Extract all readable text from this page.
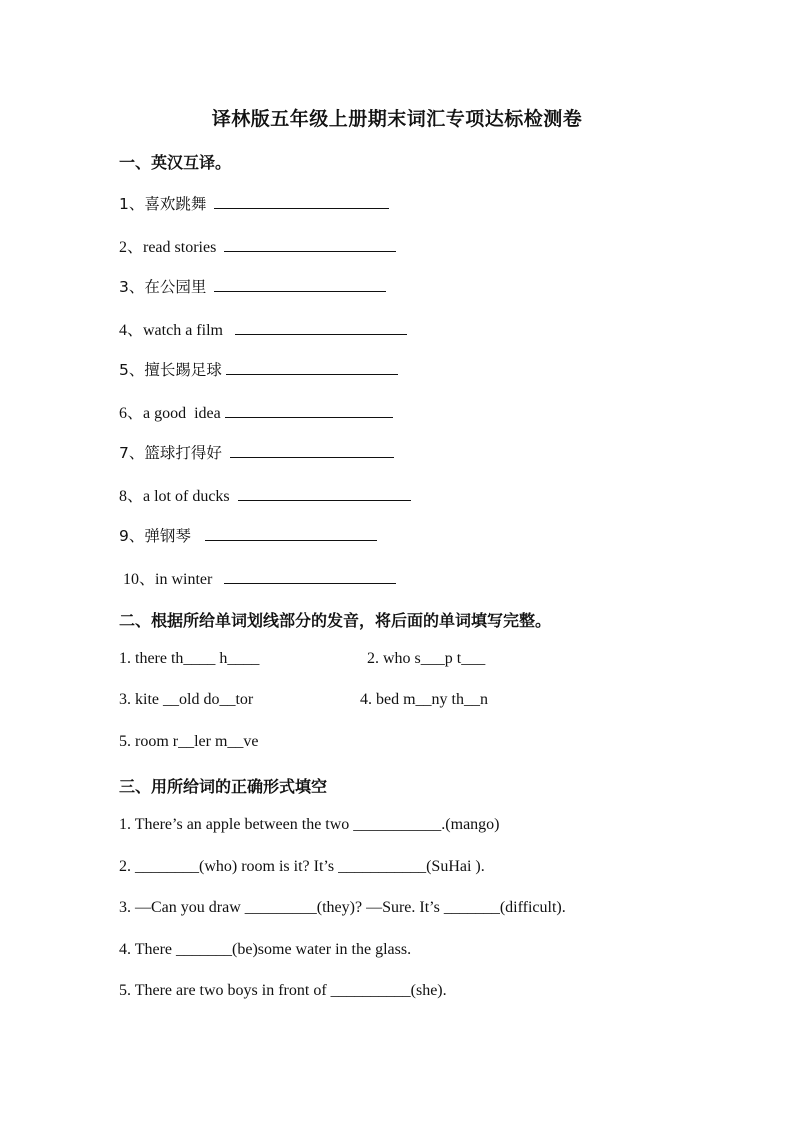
译林版五年级上册期末词汇专项达标检测卷
一、英汉互译。
1、喜欢跳舞
2、read stories
3、在公园里
4、watch a film
5、擅长踢足球
6、a good  idea
7、篮球打得好
8、a lot of ducks
9、弹钢琴
10、in winter
二、根据所给单词划线部分的发音，将后面的单词填写完整。
1. there th____ h____	2. who s___p t___
3. kite __old do__tor	4. bed m__ny th__n
5. room r__ler m__ve
三、用所给词的正确形式填空
1. There’s an apple between the two ___________.(mango)
2. ________(who) room is it? It’s ___________(SuHai ).
3. —Can you draw _________(they)? —Sure. It’s _______(difficult).
4. There _______(be)some water in the glass.
5. There are two boys in front of __________(she).
